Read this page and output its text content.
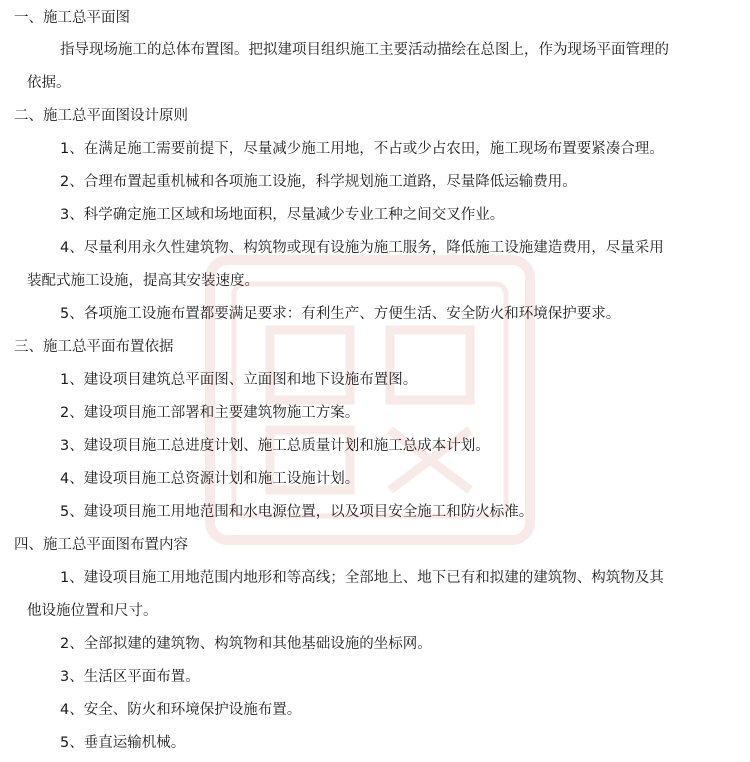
一、施工总平面图
指导现场施工的总体布置图。把拟建项目组织施工主要活动描绘在总图上，作为现场平面管理的
依据。
二、施工总平面图设计原则
1、在满足施工需要前提下，尽量减少施工用地，不占或少占农田，施工现场布置要紧凑合理。
2、合理布置起重机械和各项施工设施，科学规划施工道路，尽量降低运输费用。
3、科学确定施工区域和场地面积，尽量减少专业工种之间交叉作业。
4、尽量利用永久性建筑物、构筑物或现有设施为施工服务，降低施工设施建造费用，尽量采用
装配式施工设施，提高其安装速度。
5、各项施工设施布置都要满足要求：有利生产、方便生活、安全防火和环境保护要求。
三、施工总平面布置依据
1、建设项目建筑总平面图、立面图和地下设施布置图。
2、建设项目施工部署和主要建筑物施工方案。
3、建设项目施工总进度计划、施工总质量计划和施工总成本计划。
4、建设项目施工总资源计划和施工设施计划。
5、建设项目施工用地范围和水电源位置，以及项目安全施工和防火标准。
四、施工总平面图布置内容
1、建设项目施工用地范围内地形和等高线；全部地上、地下已有和拟建的建筑物、构筑物及其
他设施位置和尺寸。
2、全部拟建的建筑物、构筑物和其他基础设施的坐标网。
3、生活区平面布置。
4、安全、防火和环境保护设施布置。
5、垂直运输机械。
